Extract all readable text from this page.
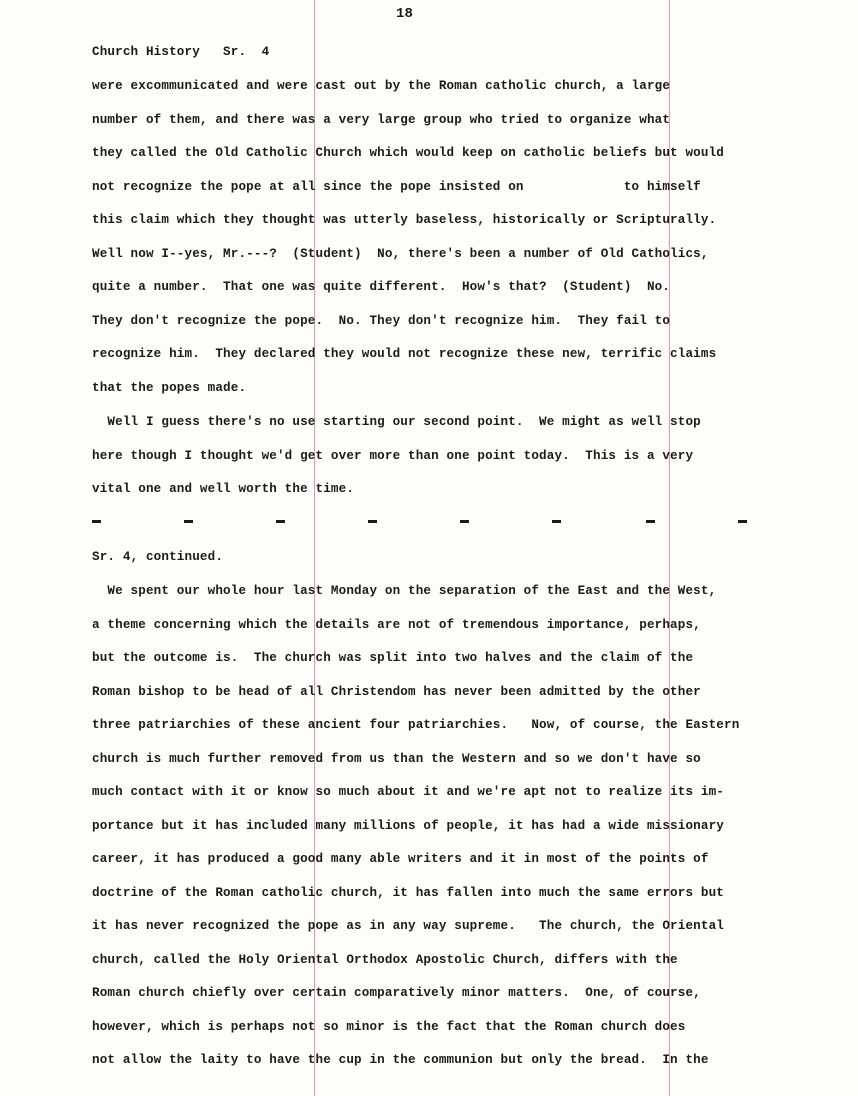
18
Church History   Sr.  4
were excommunicated and were cast out by the Roman catholic church, a large
number of them, and there was a very large group who tried to organize what
they called the Old Catholic Church which would keep on catholic beliefs but would
not recognize the pope at all since the pope insisted on             to himself
this claim which they thought was utterly baseless, historically or Scripturally.
Well now I--yes, Mr.---?  (Student)  No, there's been a number of Old Catholics,
quite a number.  That one was quite different.  How's that?  (Student)  No.
They don't recognize the pope.  No. They don't recognize him.  They fail to
recognize him.  They declared they would not recognize these new, terrific claims
that the popes made.
Well I guess there's no use starting our second point.  We might as well stop
here though I thought we'd get over more than one point today.  This is a very
vital one and well worth the time.
Sr. 4, continued.
We spent our whole hour last Monday on the separation of the East and the West,
a theme concerning which the details are not of tremendous importance, perhaps,
but the outcome is.  The church was split into two halves and the claim of the
Roman bishop to be head of all Christendom has never been admitted by the other
three patriarchies of these ancient four patriarchies.   Now, of course, the Eastern
church is much further removed from us than the Western and so we don't have so
much contact with it or know so much about it and we're apt not to realize its im-
portance but it has included many millions of people, it has had a wide missionary
career, it has produced a good many able writers and it in most of the points of
doctrine of the Roman catholic church, it has fallen into much the same errors but
it has never recognized the pope as in any way supreme.   The church, the Oriental
church, called the Holy Oriental Orthodox Apostolic Church, differs with the
Roman church chiefly over certain comparatively minor matters.  One, of course,
however, which is perhaps not so minor is the fact that the Roman church does
not allow the laity to have the cup in the communion but only the bread.  In the
